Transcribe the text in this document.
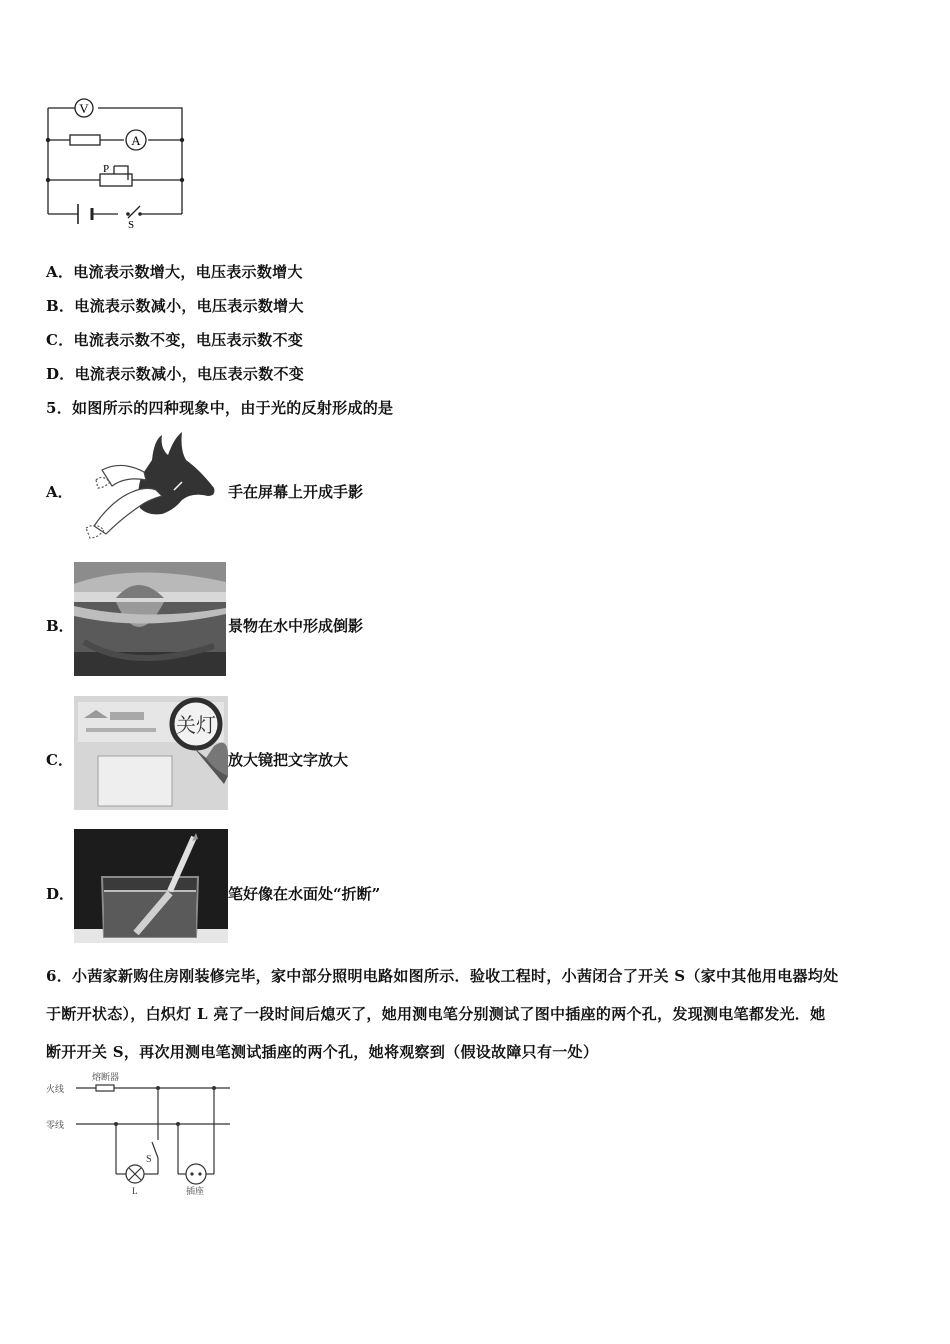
V
A
P
S
A．电流表示数增大，电压表示数增大
B．电流表示数减小，电压表示数增大
C．电流表示数不变，电压表示数不变
D．电流表示数减小，电压表示数不变
5．如图所示的四种现象中，由于光的反射形成的是
A．	手在屏幕上开成手影
B．	景物在水中形成倒影
C．
关灯
放大镜把文字放大
D．	笔好像在水面处“折断”
6．小茜家新购住房刚装修完毕，家中部分照明电路如图所示．验收工程时，小茜闭合了开关 S（家中其他用电器均处
于断开状态），白炽灯 L 亮了一段时间后熄灭了，她用测电笔分别测试了图中插座的两个孔，发现测电笔都发光．她
断开开关 S，再次用测电笔测试插座的两个孔，她将观察到（假设故障只有一处）
火线
零线
熔断器
S
L	插座
